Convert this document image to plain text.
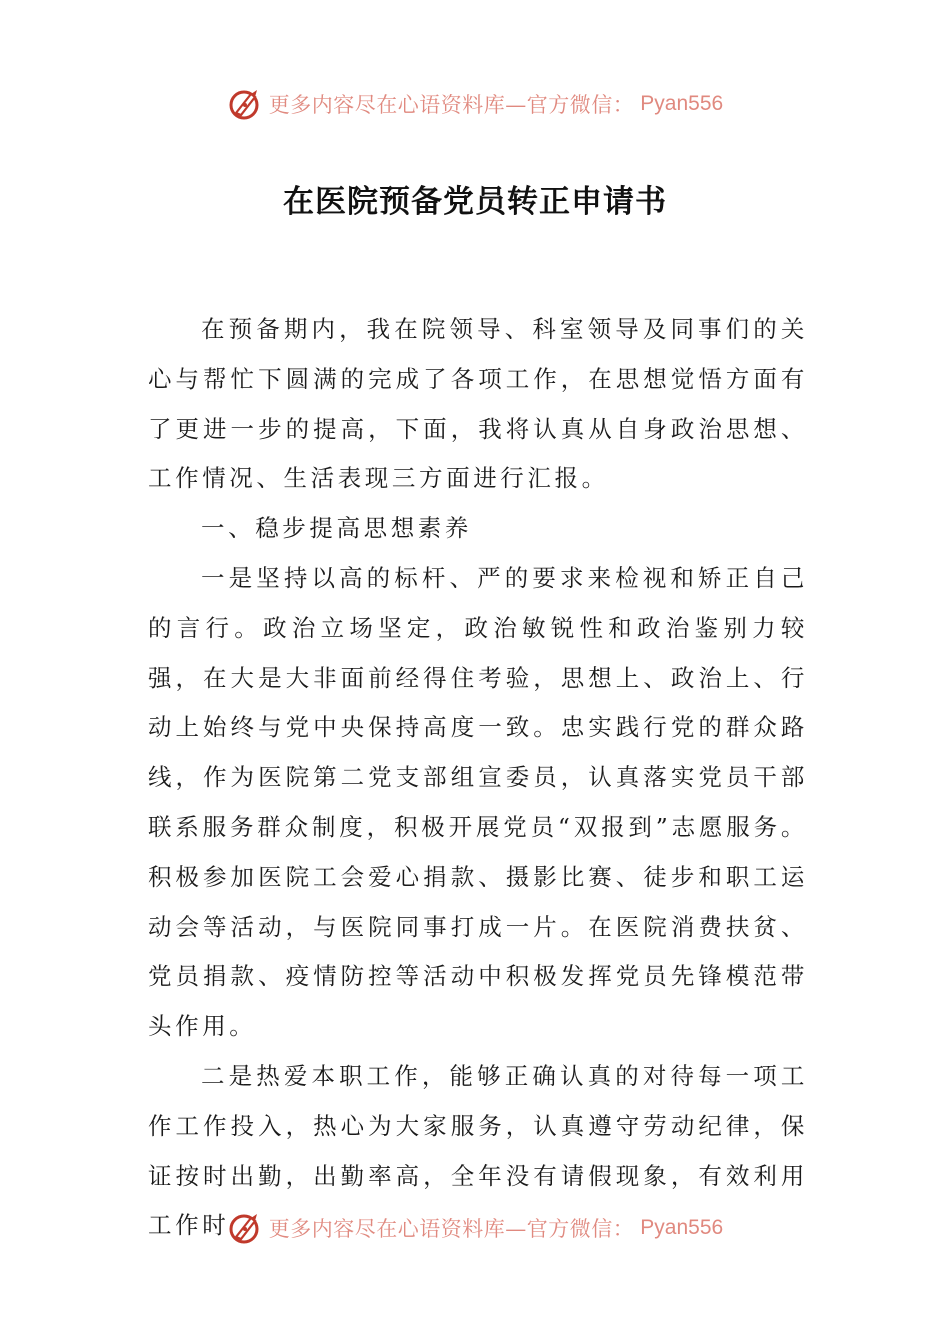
更多内容尽在心语资料库—官方微信： Pyan556
在医院预备党员转正申请书

在预备期内，我在院领导、科室领导及同事们的关心与帮忙下圆满的完成了各项工作，在思想觉悟方面有了更进一步的提高，下面，我将认真从自身政治思想、工作情况、生活表现三方面进行汇报。

一、稳步提高思想素养

一是坚持以高的标杆、严的要求来检视和矫正自己的言行。政治立场坚定，政治敏锐性和政治鉴别力较强，在大是大非面前经得住考验，思想上、政治上、行动上始终与党中央保持高度一致。忠实践行党的群众路线，作为医院第二党支部组宣委员，认真落实党员干部联系服务群众制度，积极开展党员“双报到”志愿服务。积极参加医院工会爱心捐款、摄影比赛、徒步和职工运动会等活动，与医院同事打成一片。在医院消费扶贫、党员捐款、疫情防控等活动中积极发挥党员先锋模范带头作用。

二是热爱本职工作，能够正确认真的对待每一项工作工作投入，热心为大家服务，认真遵守劳动纪律，保证按时出勤，出勤率高，全年没有请假现象，有效利用工作时	更多内容尽在心语资料库—官方微信： Pyan556
